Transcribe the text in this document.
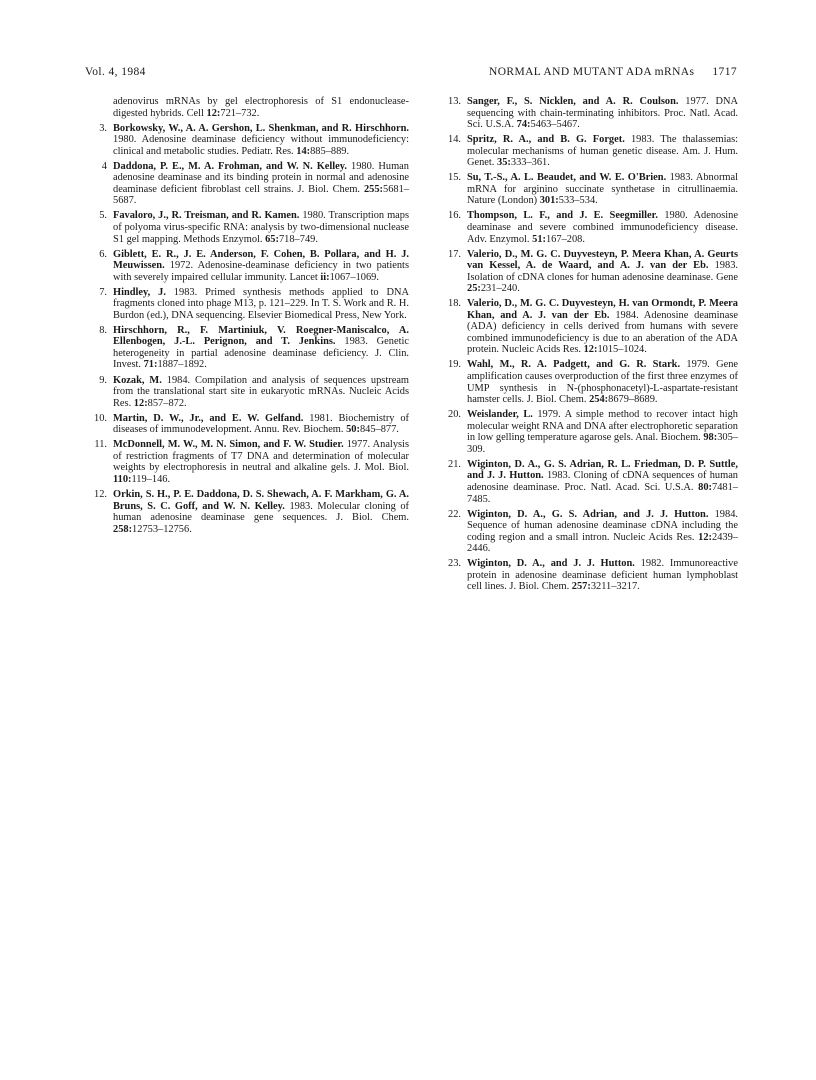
Vol. 4, 1984	NORMAL AND MUTANT ADA mRNAs 1717
adenovirus mRNAs by gel electrophoresis of S1 endonuclease-digested hybrids. Cell 12:721–732.
3. Borkowsky, W., A. A. Gershon, L. Shenkman, and R. Hirschhorn. 1980. Adenosine deaminase deficiency without immunodeficiency: clinical and metabolic studies. Pediatr. Res. 14:885–889.
4 Daddona, P. E., M. A. Frohman, and W. N. Kelley. 1980. Human adenosine deaminase and its binding protein in normal and adenosine deaminase deficient fibroblast cell strains. J. Biol. Chem. 255:5681–5687.
5. Favaloro, J., R. Treisman, and R. Kamen. 1980. Transcription maps of polyoma virus-specific RNA: analysis by two-dimensional nuclease S1 gel mapping. Methods Enzymol. 65:718–749.
6. Giblett, E. R., J. E. Anderson, F. Cohen, B. Pollara, and H. J. Meuwissen. 1972. Adenosine-deaminase deficiency in two patients with severely impaired cellular immunity. Lancet ii:1067–1069.
7. Hindley, J. 1983. Primed synthesis methods applied to DNA fragments cloned into phage M13, p. 121–229. In T. S. Work and R. H. Burdon (ed.), DNA sequencing. Elsevier Biomedical Press, New York.
8. Hirschhorn, R., F. Martiniuk, V. Roegner-Maniscalco, A. Ellenbogen, J.-L. Perignon, and T. Jenkins. 1983. Genetic heterogeneity in partial adenosine deaminase deficiency. J. Clin. Invest. 71:1887–1892.
9. Kozak, M. 1984. Compilation and analysis of sequences upstream from the translational start site in eukaryotic mRNAs. Nucleic Acids Res. 12:857–872.
10. Martin, D. W., Jr., and E. W. Gelfand. 1981. Biochemistry of diseases of immunodevelopment. Annu. Rev. Biochem. 50:845–877.
11. McDonnell, M. W., M. N. Simon, and F. W. Studier. 1977. Analysis of restriction fragments of T7 DNA and determination of molecular weights by electrophoresis in neutral and alkaline gels. J. Mol. Biol. 110:119–146.
12. Orkin, S. H., P. E. Daddona, D. S. Shewach, A. F. Markham, G. A. Bruns, S. C. Goff, and W. N. Kelley. 1983. Molecular cloning of human adenosine deaminase gene sequences. J. Biol. Chem. 258:12753–12756.
13. Sanger, F., S. Nicklen, and A. R. Coulson. 1977. DNA sequencing with chain-terminating inhibitors. Proc. Natl. Acad. Sci. U.S.A. 74:5463–5467.
14. Spritz, R. A., and B. G. Forget. 1983. The thalassemias: molecular mechanisms of human genetic disease. Am. J. Hum. Genet. 35:333–361.
15. Su, T.-S., A. L. Beaudet, and W. E. O'Brien. 1983. Abnormal mRNA for arginino succinate synthetase in citrullinaemia. Nature (London) 301:533–534.
16. Thompson, L. F., and J. E. Seegmiller. 1980. Adenosine deaminase and severe combined immunodeficiency disease. Adv. Enzymol. 51:167–208.
17. Valerio, D., M. G. C. Duyvesteyn, P. Meera Khan, A. Geurts van Kessel, A. de Waard, and A. J. van der Eb. 1983. Isolation of cDNA clones for human adenosine deaminase. Gene 25:231–240.
18. Valerio, D., M. G. C. Duyvesteyn, H. van Ormondt, P. Meera Khan, and A. J. van der Eb. 1984. Adenosine deaminase (ADA) deficiency in cells derived from humans with severe combined immunodeficiency is due to an aberation of the ADA protein. Nucleic Acids Res. 12:1015–1024.
19. Wahl, M., R. A. Padgett, and G. R. Stark. 1979. Gene amplification causes overproduction of the first three enzymes of UMP synthesis in N-(phosphonacetyl)-L-aspartate-resistant hamster cells. J. Biol. Chem. 254:8679–8689.
20. Weislander, L. 1979. A simple method to recover intact high molecular weight RNA and DNA after electrophoretic separation in low gelling temperature agarose gels. Anal. Biochem. 98:305–309.
21. Wiginton, D. A., G. S. Adrian, R. L. Friedman, D. P. Suttle, and J. J. Hutton. 1983. Cloning of cDNA sequences of human adenosine deaminase. Proc. Natl. Acad. Sci. U.S.A. 80:7481–7485.
22. Wiginton, D. A., G. S. Adrian, and J. J. Hutton. 1984. Sequence of human adenosine deaminase cDNA including the coding region and a small intron. Nucleic Acids Res. 12:2439–2446.
23. Wiginton, D. A., and J. J. Hutton. 1982. Immunoreactive protein in adenosine deaminase deficient human lymphoblast cell lines. J. Biol. Chem. 257:3211–3217.
